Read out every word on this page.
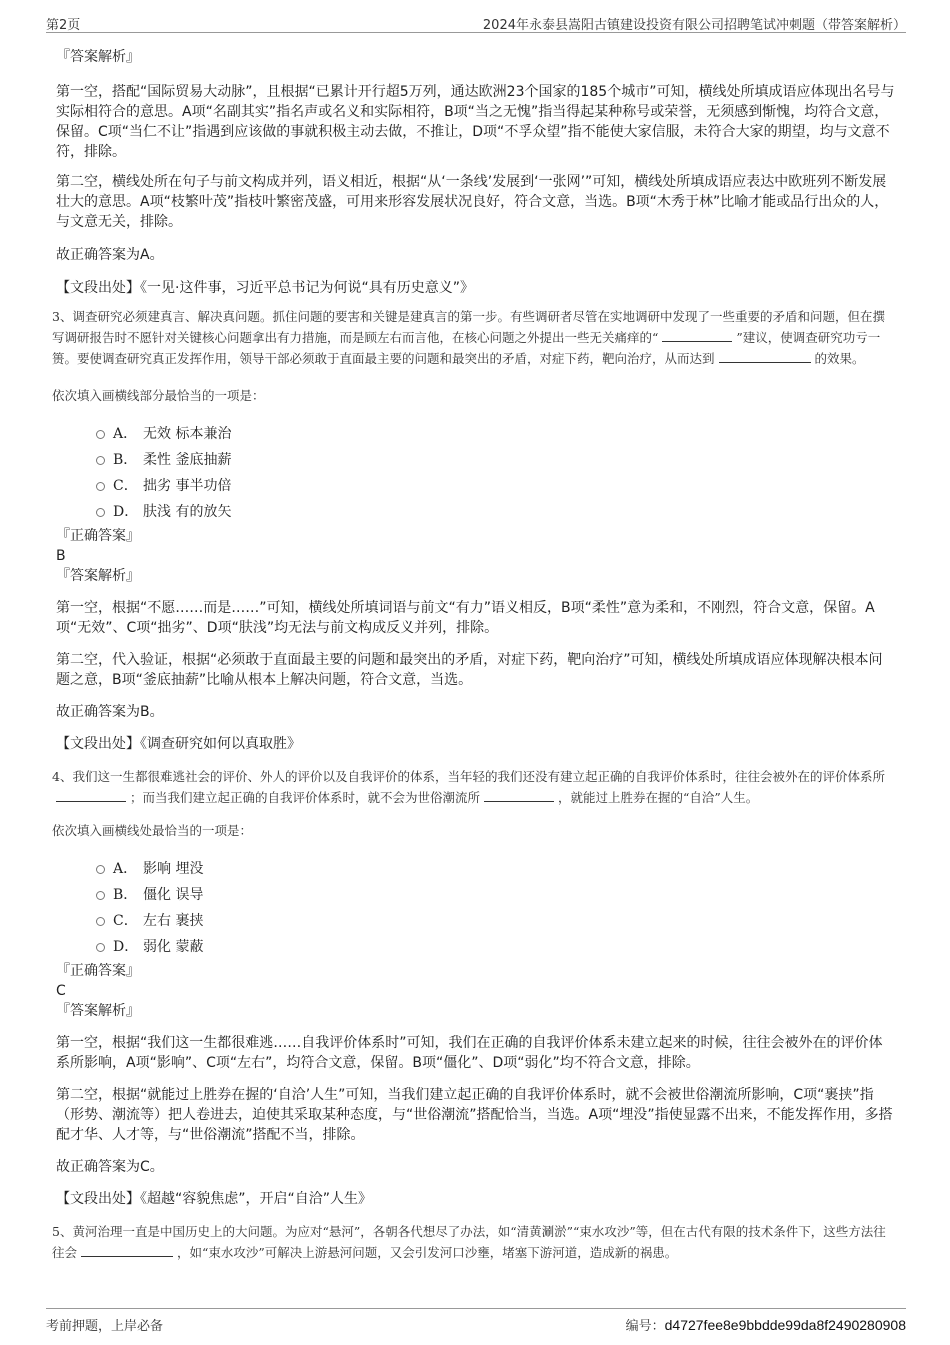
第2页	2024年永泰县嵩阳古镇建设投资有限公司招聘笔试冲刺题（带答案解析）

『答案解析』

第一空，搭配“国际贸易大动脉”，且根据“已累计开行超5万列，通达欧洲23个国家的185个城市”可知，横线处所填成语应体现出名号与实际相符合的意思。A项“名副其实”指名声或名义和实际相符，B项“当之无愧”指当得起某种称号或荣誉，无须感到惭愧，均符合文意，保留。C项“当仁不让”指遇到应该做的事就积极主动去做，不推让，D项“不孚众望”指不能使大家信服，未符合大家的期望，均与文意不符，排除。

第二空，横线处所在句子与前文构成并列，语义相近，根据“从‘一条线’发展到‘一张网’”可知，横线处所填成语应表达中欧班列不断发展壮大的意思。A项“枝繁叶茂”指枝叶繁密茂盛，可用来形容发展状况良好，符合文意，当选。B项“木秀于林”比喻才能或品行出众的人，与文意无关，排除。

故正确答案为A。

【文段出处】《一见·这件事，习近平总书记为何说“具有历史意义”》

3、调查研究必须建真言、解决真问题。抓住问题的要害和关键是建真言的第一步。有些调研者尽管在实地调研中发现了一些重要的矛盾和问题，但在撰写调研报告时不愿针对关键核心问题拿出有力措施，而是顾左右而言他，在核心问题之外提出一些无关痛痒的“	”建议，使调查研究功亏一篑。要使调查研究真正发挥作用，领导干部必须敢于直面最主要的问题和最突出的矛盾，对症下药，靶向治疗，从而达到	的效果。

依次填入画横线部分最恰当的一项是：

A． 无效 标本兼治
B． 柔性 釜底抽薪
C． 拙劣 事半功倍
D． 肤浅 有的放矢

『正确答案』

B

『答案解析』

第一空，根据“不愿……而是……”可知，横线处所填词语与前文“有力”语义相反，B项“柔性”意为柔和，不刚烈，符合文意，保留。A项“无效”、C项“拙劣”、D项“肤浅”均无法与前文构成反义并列，排除。

第二空，代入验证，根据“必须敢于直面最主要的问题和最突出的矛盾，对症下药，靶向治疗”可知，横线处所填成语应体现解决根本问题之意，B项“釜底抽薪”比喻从根本上解决问题，符合文意，当选。

故正确答案为B。

【文段出处】《调查研究如何以真取胜》

4、我们这一生都很难逃社会的评价、外人的评价以及自我评价的体系，当年轻的我们还没有建立起正确的自我评价体系时，往往会被外在的评价体系所；而当我们建立起正确的自我评价体系时，就不会为世俗潮流所	，就能过上胜券在握的“自洽”人生。

依次填入画横线处最恰当的一项是：

A． 影响 埋没
B． 僵化 误导
C． 左右 裹挟
D． 弱化 蒙蔽

『正确答案』

C

『答案解析』

第一空，根据“我们这一生都很难逃……自我评价体系时”可知，我们在正确的自我评价体系未建立起来的时候，往往会被外在的评价体系所影响，A项“影响”、C项“左右”，均符合文意，保留。B项“僵化”、D项“弱化”均不符合文意，排除。

第二空，根据“就能过上胜券在握的‘自洽’人生”可知，当我们建立起正确的自我评价体系时，就不会被世俗潮流所影响，C项“裹挟”指（形势、潮流等）把人卷进去，迫使其采取某种态度，与“世俗潮流”搭配恰当，当选。A项“埋没”指使显露不出来，不能发挥作用，多搭配才华、人才等，与“世俗潮流”搭配不当，排除。

故正确答案为C。

【文段出处】《超越“容貌焦虑”，开启“自洽”人生》

5、黄河治理一直是中国历史上的大问题。为应对“悬河”，各朝各代想尽了办法，如“清黄涮淤”“束水攻沙”等，但在古代有限的技术条件下，这些方法往往会	，如“束水攻沙”可解决上游悬河问题，又会引发河口沙壅，堵塞下游河道，造成新的祸患。

考前押题，上岸必备	编号：d4727fee8e9bbdde99da8f2490280908
